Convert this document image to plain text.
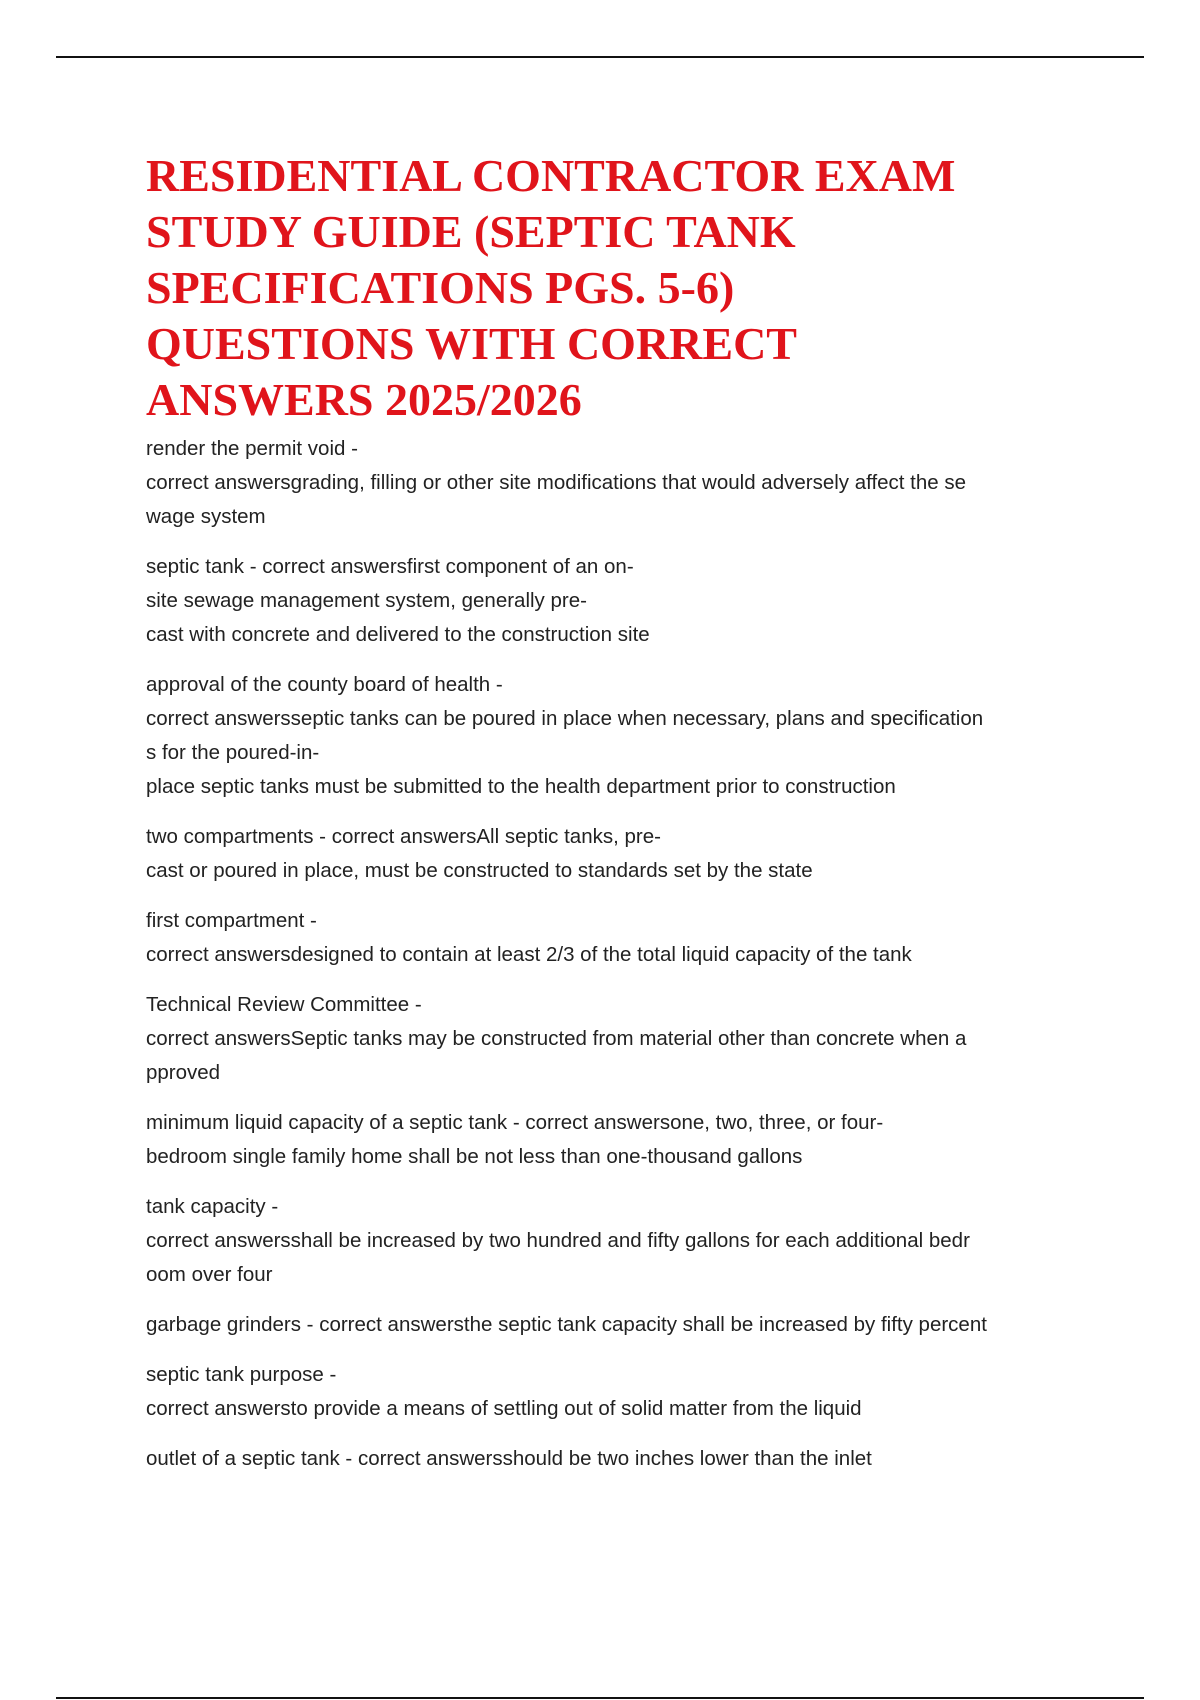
RESIDENTIAL CONTRACTOR EXAM
STUDY GUIDE (SEPTIC TANK
SPECIFICATIONS PGS. 5-6)
QUESTIONS WITH CORRECT
ANSWERS 2025/2026
render the permit void -
correct answersgrading, filling or other site modifications that would adversely affect the se
wage system
septic tank - correct answersfirst component of an on-
site sewage management system, generally pre-
cast with concrete and delivered to the construction site
approval of the county board of health -
correct answersseptic tanks can be poured in place when necessary, plans and specification
s for the poured-in-
place septic tanks must be submitted to the health department prior to construction
two compartments - correct answersAll septic tanks, pre-
cast or poured in place, must be constructed to standards set by the state
first compartment -
correct answersdesigned to contain at least 2/3 of the total liquid capacity of the tank
Technical Review Committee -
correct answersSeptic tanks may be constructed from material other than concrete when a
pproved
minimum liquid capacity of a septic tank - correct answersone, two, three, or four-
bedroom single family home shall be not less than one-thousand gallons
tank capacity -
correct answersshall be increased by two hundred and fifty gallons for each additional bedr
oom over four
garbage grinders - correct answersthe septic tank capacity shall be increased by fifty percent
septic tank purpose -
correct answersto provide a means of settling out of solid matter from the liquid
outlet of a septic tank - correct answersshould be two inches lower than the inlet
